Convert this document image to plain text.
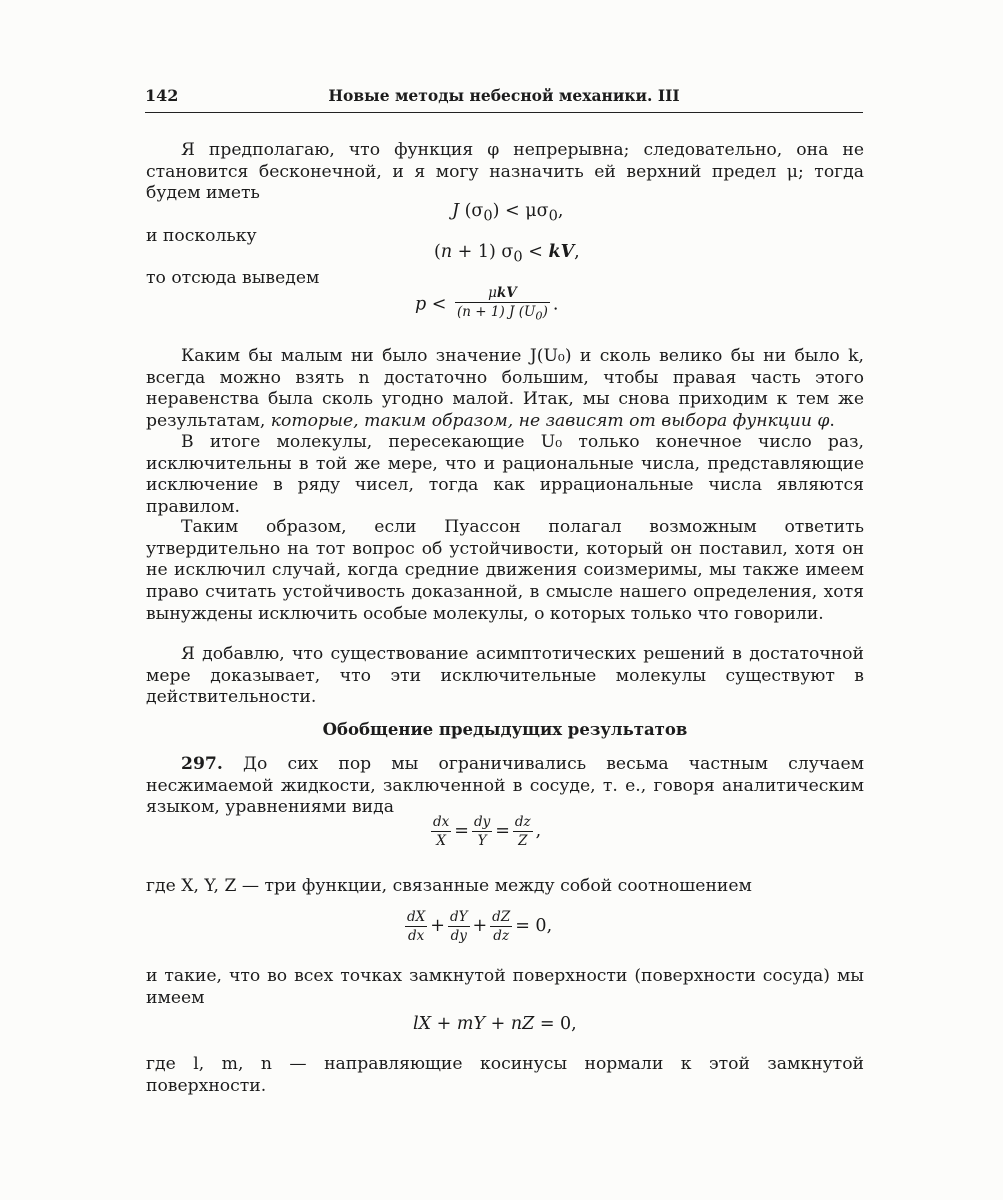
142	Новые методы небесной механики. III
Я предполагаю, что функция φ непрерывна; следовательно, она не становится бесконечной, и я могу назначить ей верхний предел μ; тогда будем иметь
J $(\sigma_0) < \mu\sigma_0$,
и поскольку
(n + 1) $\sigma_0$ < kV,
то отсюда выведем
$p < \frac{\text{μkV}}{(n + 1) J (U_0)}$ .
Каким бы малым ни было значение J(U₀) и сколь велико бы ни было k, всегда можно взять n достаточно большим, чтобы правая часть этого неравенства была сколь угодно малой. Итак, мы снова приходим к тем же результатам, которые, таким образом, не зависят от выбора функции φ.
В итоге молекулы, пересекающие U₀ только конечное число раз, исключительны в той же мере, что и рациональные числа, представляющие исключение в ряду чисел, тогда как иррациональные числа являются правилом.
Таким образом, если Пуассон полагал возможным ответить утвердительно на тот вопрос об устойчивости, который он поставил, хотя он не исключил случай, когда средние движения соизмеримы, мы также имеем право считать устойчивость доказанной, в смысле нашего определения, хотя вынуждены исключить особые молекулы, о которых только что говорили.
Я добавлю, что существование асимптотических решений в достаточной мере доказывает, что эти исключительные молекулы существуют в действительности.
Обобщение предыдущих результатов
297. До сих пор мы ограничивались весьма частным случаем несжимаемой жидкости, заключенной в сосуде, т. е., говоря аналитическим языком, уравнениями вида
$\frac{dx}{X} = \frac{dy}{Y} = \frac{dz}{Z}$ ,
где X, Y, Z — три функции, связанные между собой соотношением
$\frac{dX}{dx} + \frac{dY}{dy} + \frac{dZ}{dz} = 0$,
и такие, что во всех точках замкнутой поверхности (поверхности сосуда) мы имеем
lX + mY + nZ = 0,
где l, m, n — направляющие косинусы нормали к этой замкнутой поверхности.
